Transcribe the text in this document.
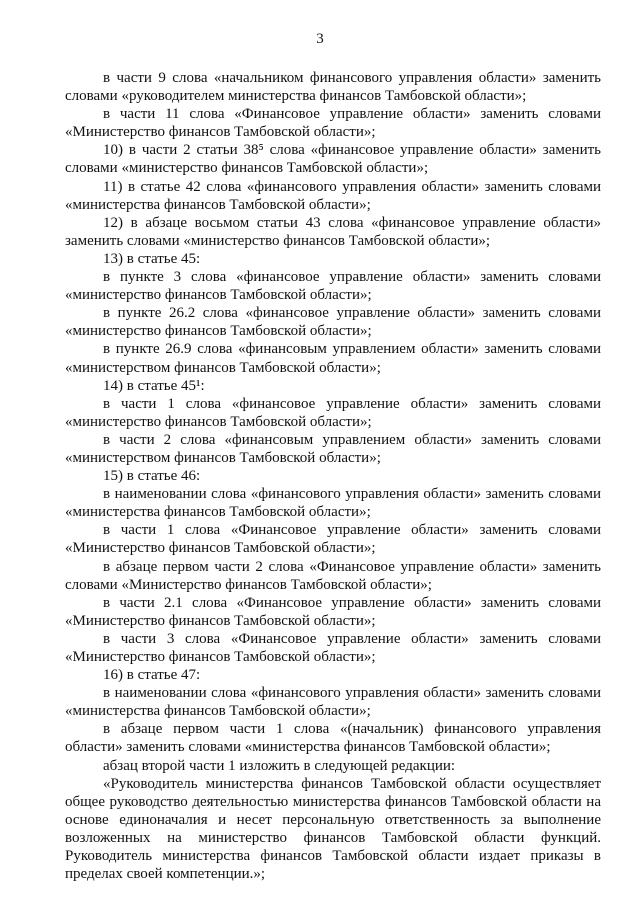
3

в части 9 слова «начальником финансового управления области» заменить словами «руководителем министерства финансов Тамбовской области»;

в части 11 слова «Финансовое управление области» заменить словами «Министерство финансов Тамбовской области»;

10) в части 2 статьи 38⁵ слова «финансовое управление области» заменить словами «министерство финансов Тамбовской области»;

11) в статье 42 слова «финансового управления области» заменить словами «министерства финансов Тамбовской области»;

12) в абзаце восьмом статьи 43 слова «финансовое управление области» заменить словами «министерство финансов Тамбовской области»;

13) в статье 45:

в пункте 3 слова «финансовое управление области» заменить словами «министерство финансов Тамбовской области»;

в пункте 26.2 слова «финансовое управление области» заменить словами «министерство финансов Тамбовской области»;

в пункте 26.9 слова «финансовым управлением области» заменить словами «министерством финансов Тамбовской области»;

14) в статье 45¹:

в части 1 слова «финансовое управление области» заменить словами «министерство финансов Тамбовской области»;

в части 2 слова «финансовым управлением области» заменить словами «министерством финансов Тамбовской области»;

15) в статье 46:

в наименовании слова «финансового управления области» заменить словами «министерства финансов Тамбовской области»;

в части 1 слова «Финансовое управление области» заменить словами «Министерство финансов Тамбовской области»;

в абзаце первом части 2 слова «Финансовое управление области» заменить словами «Министерство финансов Тамбовской области»;

в части 2.1 слова «Финансовое управление области» заменить словами «Министерство финансов Тамбовской области»;

в части 3 слова «Финансовое управление области» заменить словами «Министерство финансов Тамбовской области»;

16) в статье 47:

в наименовании слова «финансового управления области» заменить словами «министерства финансов Тамбовской области»;

в абзаце первом части 1 слова «(начальник) финансового управления области» заменить словами «министерства финансов Тамбовской области»;

абзац второй части 1 изложить в следующей редакции:

«Руководитель министерства финансов Тамбовской области осуществляет общее руководство деятельностью министерства финансов Тамбовской области на основе единоначалия и несет персональную ответственность за выполнение возложенных на министерство финансов Тамбовской области функций. Руководитель министерства финансов Тамбовской области издает приказы в пределах своей компетенции.»;
